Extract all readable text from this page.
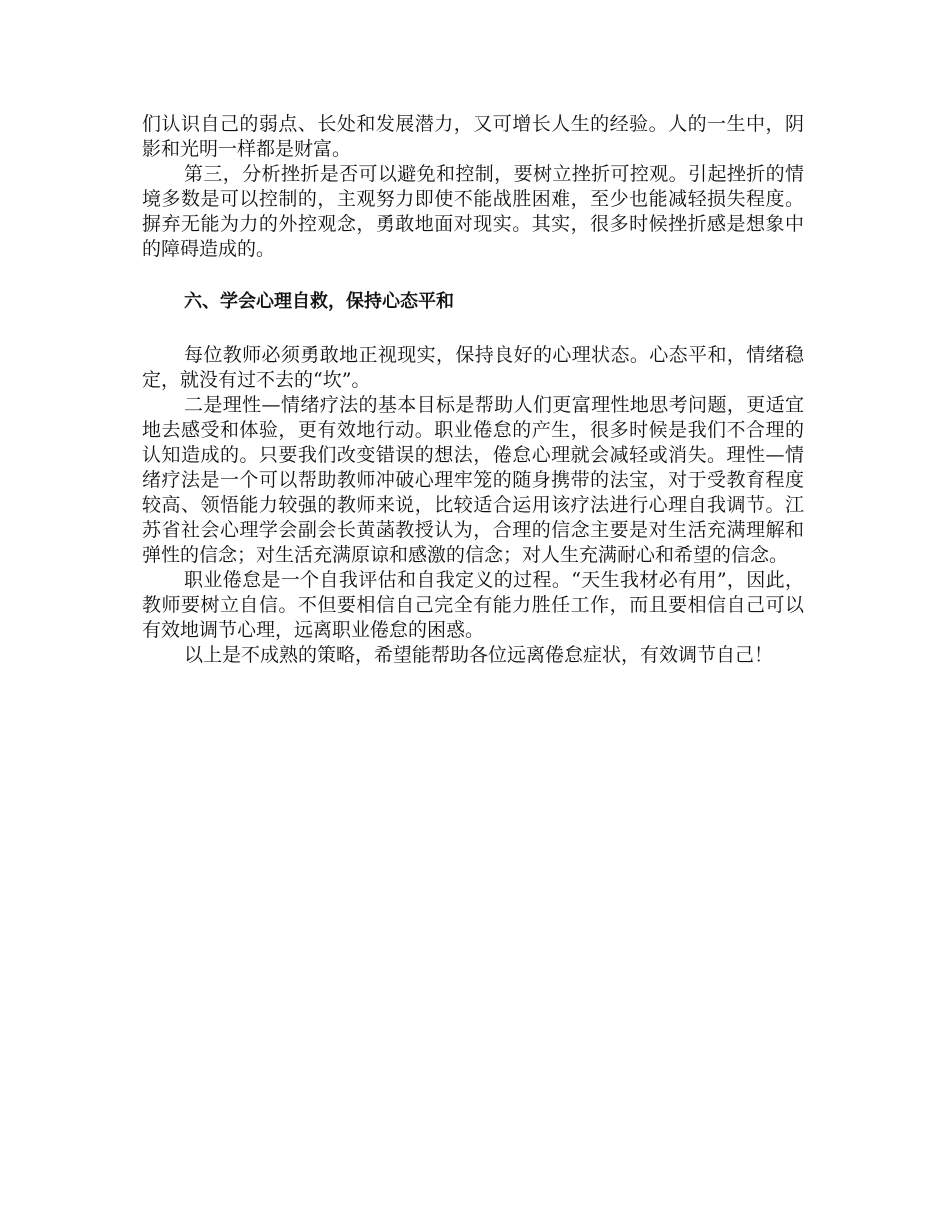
们认识自己的弱点、长处和发展潜力，又可增长人生的经验。人的一生中，阴影和光明一样都是财富。

第三，分析挫折是否可以避免和控制，要树立挫折可控观。引起挫折的情境多数是可以控制的，主观努力即使不能战胜困难，至少也能减轻损失程度。摒弃无能为力的外控观念，勇敢地面对现实。其实，很多时候挫折感是想象中的障碍造成的。

六、学会心理自救，保持心态平和

每位教师必须勇敢地正视现实，保持良好的心理状态。心态平和，情绪稳定，就没有过不去的“坎”。

二是理性—情绪疗法的基本目标是帮助人们更富理性地思考问题，更适宜地去感受和体验，更有效地行动。职业倦怠的产生，很多时候是我们不合理的认知造成的。只要我们改变错误的想法，倦怠心理就会减轻或消失。理性—情绪疗法是一个可以帮助教师冲破心理牢笼的随身携带的法宝，对于受教育程度较高、领悟能力较强的教师来说，比较适合运用该疗法进行心理自我调节。江苏省社会心理学会副会长黄菡教授认为，合理的信念主要是对生活充满理解和弹性的信念；对生活充满原谅和感激的信念；对人生充满耐心和希望的信念。

职业倦怠是一个自我评估和自我定义的过程。“天生我材必有用”，因此，教师要树立自信。不但要相信自己完全有能力胜任工作，而且要相信自己可以有效地调节心理，远离职业倦怠的困惑。

以上是不成熟的策略，希望能帮助各位远离倦怠症状，有效调节自己！
